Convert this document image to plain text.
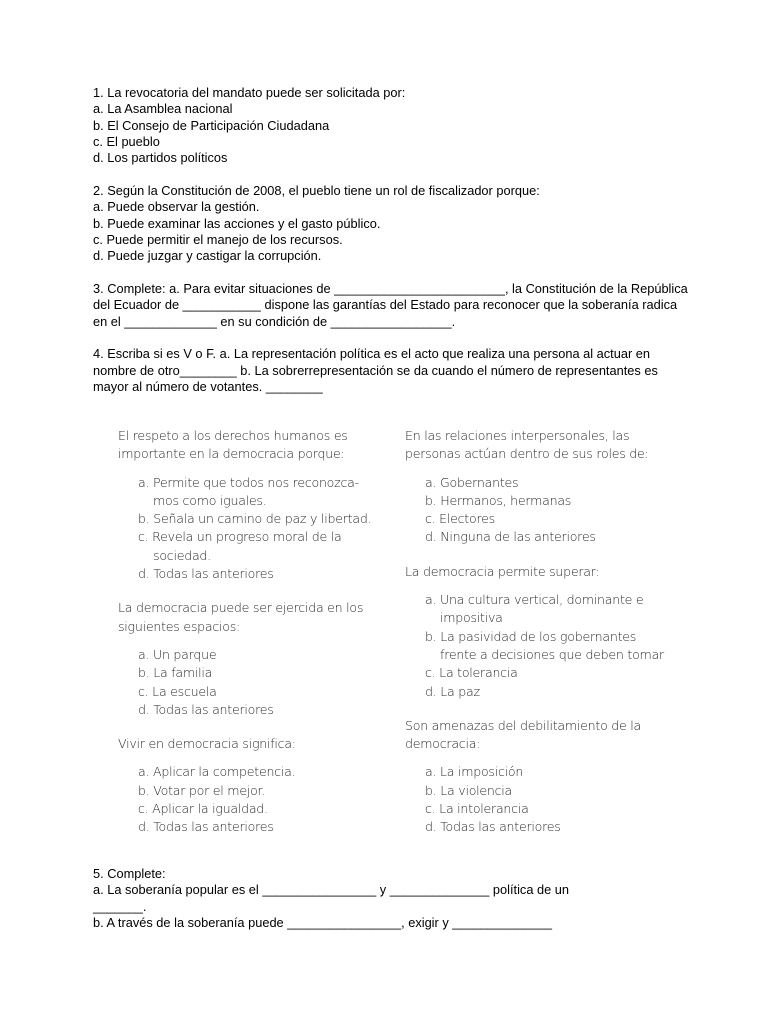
1. La revocatoria del mandato puede ser solicitada por:
a. La Asamblea nacional
b. El Consejo de Participación Ciudadana
c. El pueblo
d. Los partidos políticos
2. Según la Constitución de 2008, el pueblo tiene un rol de fiscalizador porque:
a. Puede observar la gestión.
b. Puede examinar las acciones y el gasto público.
c. Puede permitir el manejo de los recursos.
d. Puede juzgar y castigar la corrupción.
3. Complete: a. Para evitar situaciones de ________________________, la Constitución de la República
del Ecuador de ___________ dispone las garantías del Estado para reconocer que la soberanía radica
en el _____________ en su condición de _________________.
4. Escriba si es V o F. a. La representación política es el acto que realiza una persona al actuar en
nombre de otro________ b. La sobrerrepresentación se da cuando el número de representantes es
mayor al número de votantes. ________
El respeto a los derechos humanos es
importante en la democracia porque:
a. Permite que todos nos reconozca-
mos como iguales.
b. Señala un camino de paz y libertad.
c. Revela un progreso moral de la
sociedad.
d. Todas las anteriores
La democracia puede ser ejercida en los
siguientes espacios:
a. Un parque
b. La familia
c. La escuela
d. Todas las anteriores
Vivir en democracia significa:
a. Aplicar la competencia.
b. Votar por el mejor.
c. Aplicar la igualdad.
d. Todas las anteriores
En las relaciones interpersonales, las
personas actúan dentro de sus roles de:
a. Gobernantes
b. Hermanos, hermanas
c. Electores
d. Ninguna de las anteriores
La democracia permite superar:
a. Una cultura vertical, dominante e
impositiva
b. La pasividad de los gobernantes
frente a decisiones que deben tomar
c. La tolerancia
d. La paz
Son amenazas del debilitamiento de la
democracia:
a. La imposición
b. La violencia
c. La intolerancia
d. Todas las anteriores
5. Complete:
a. La soberanía popular es el ________________ y ______________ política de un
_______.
b. A través de la soberanía puede ________________, exigir y ______________
